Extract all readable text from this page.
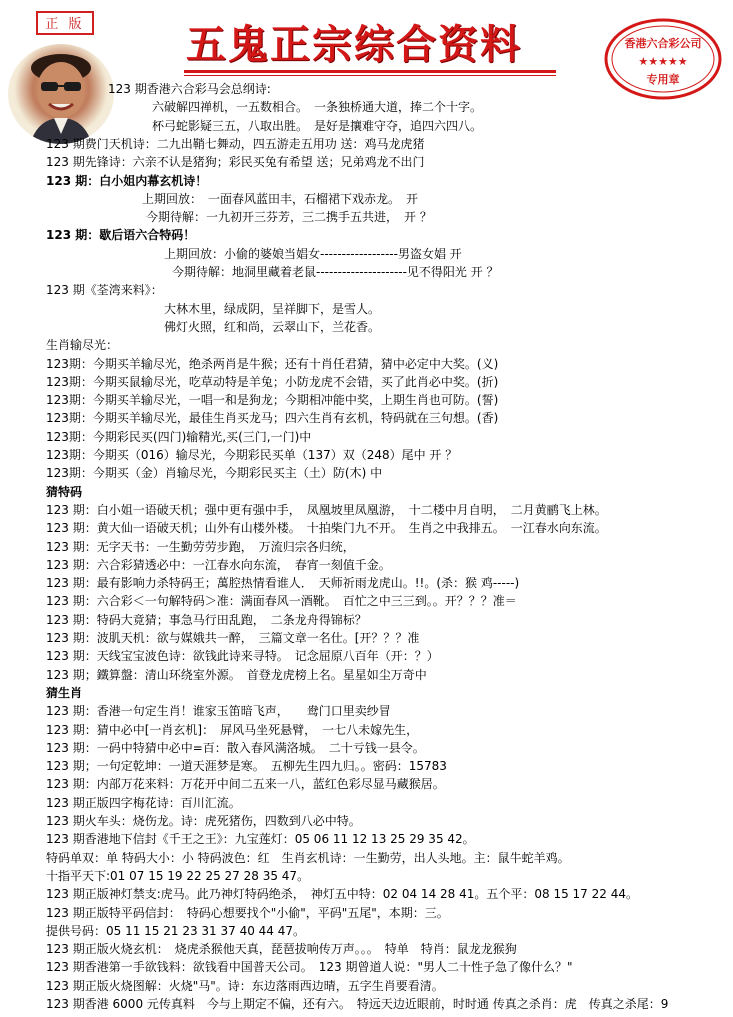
正 版	五鬼正宗综合资料	香港六合彩公司
★★★★★
专用章
123 期香港六合彩马会总纲诗:
六破解四禅机，一五数相合。　一条独桥通大道，捧二个十字。
杯弓蛇影疑三五，八取出胜。　是好是攘难守夺，追四六四八。
123 期费门天机诗：二九出鞘七舞动，四五游走五用功 送：鸡马龙虎猪
123 期先锋诗：六亲不认是猪狗；彩民买兔有希望 送；兄弟鸡龙不出门
123 期：白小姐内幕玄机诗！
上期回放：　一面春风蓝田丰，石榴裙下戏赤龙。　开
今期待解：一九初开三芬芳，三二携手五共进，　开 ？
123 期：歇后语六合特码！
上期回放：小偷的婆娘当娼女------------------男盗女娼 开
今期待解：地洞里藏着老鼠---------------------见不得阳光 开 ？
123 期《荃湾来料》：
大林木里，绿成阴，呈祥脚下，是雪人。
佛灯火照，红和尚，云翠山下，兰花香。
生肖输尽光：
123期：今期买羊输尽光，绝杀两肖是牛猴；还有十肖任君猜，猜中必定中大奖。(义)
123期：今期买鼠输尽光，吃草动特是羊兔；小防龙虎不会错，买了此肖必中奖。(折)
123期：今期买羊输尽光，一唱一和是狗龙；今期相冲能中奖，上期生肖也可防。(誓)
123期：今期买羊输尽光，最佳生肖买龙马；四六生肖有玄机，特码就在三句想。(香)
123期：今期彩民买(四门)输精光,买(三门,一门)中
123期：今期买（016）输尽光，今期彩民买单（137）双（248）尾中 开 ？
123期：今期买（金）肖输尽光，今期彩民买主（土）防(木) 中
猜特码
123 期：白小姐一语破天机；强中更有强中手，　凤凰坡里凤凰游，　十二楼中月自明，　二月黄鹂飞上林。
123 期：黄大仙一语破天机；山外有山楼外楼。　十拍柴门九不开。　生肖之中我排五。　一江春水向东流。
123 期：无字天书：一生勤劳劳步跑，　万流归宗各归统，
123 期：六合彩猜透必中：一江春水向东流，　春宵一刻值千金。
123 期：最有影响力杀特码王；萬腔热情看谁人．　天师祈雨龙虎山。!!。(杀：猴 鸡-----)
123 期：六合彩＜一句解特码＞准：满面春风一酒靴。　百忙之中三三到。。开？？？准＝
123 期：特码大竟猜；事急马行田乱跑，　二条龙舟得锦标？
123 期：波肌天机：欲与媒娥共一醉，　三篇文章一名仕。[开？？？准
123 期：天线宝宝波色诗：欲钱此诗来寻特。　记念屈原八百年（开：？）
123 期；鐵算盤：清山环绕室外源。　首登龙虎榜上名。星星如尘万奇中
猜生肖
123 期：香港一句定生肖！谁家玉笛暗飞声，　　鸯门口里卖纱冒
123 期：猜中必中[一肖玄机]：　屏风马坐死悬臂，　一七八未嫁先生，
123 期：一码中特猜中必中=百：散入春风满洛城。　二十亏钱一县令。
123 期；一句定乾坤：一道天涯梦是寒。　五柳先生四九归。。密码：15783
123 期：内部万花来料：万花开中间二五来一八，蓝红色彩尽显马藏猴居。
123 期正版四字梅花诗：百川汇流。
123 期火车头：烧伤龙。诗：虎死猪伤，四数到八必中特。
123 期香港地下信封《千王之王》：九宝莲灯：05 06 11 12 13 25 29 35 42。
特码单双：单 特码大小：小 特码波色：红　生肖玄机诗：一生勤劳，出人头地。主：鼠牛蛇羊鸡。
十指平天下:01 07 15 19 22 25 27 28 35 47。
123 期正版神灯禁支:虎马。此乃神灯特码绝杀，　神灯五中特：02 04 14 28 41。五个平：08 15 17 22 44。
123 期正版特平码信封：　特码心想要找个"小偷"，平码"五尾"，本期：三。
提供号码：05 11 15 21 23 31 37 40 44 47。
123 期正版火烧玄机：　烧虎杀猴他天真，琵琶拔响传万声。。。　特单　特肖：鼠龙龙猴狗
123 期香港第一手欲钱料：欲钱看中国普天公司。　123 期曾道人说："男人二十性子急了像什么？"
123 期正版火烧图解：火烧"马"。诗：东边落雨西边晴，五字生肖要看清。
123 期香港 6000 元传真料　今与上期定不偏，还有六。　特远天边近眼前，时时通 传真之杀肖：虎　传真之杀尾：9
